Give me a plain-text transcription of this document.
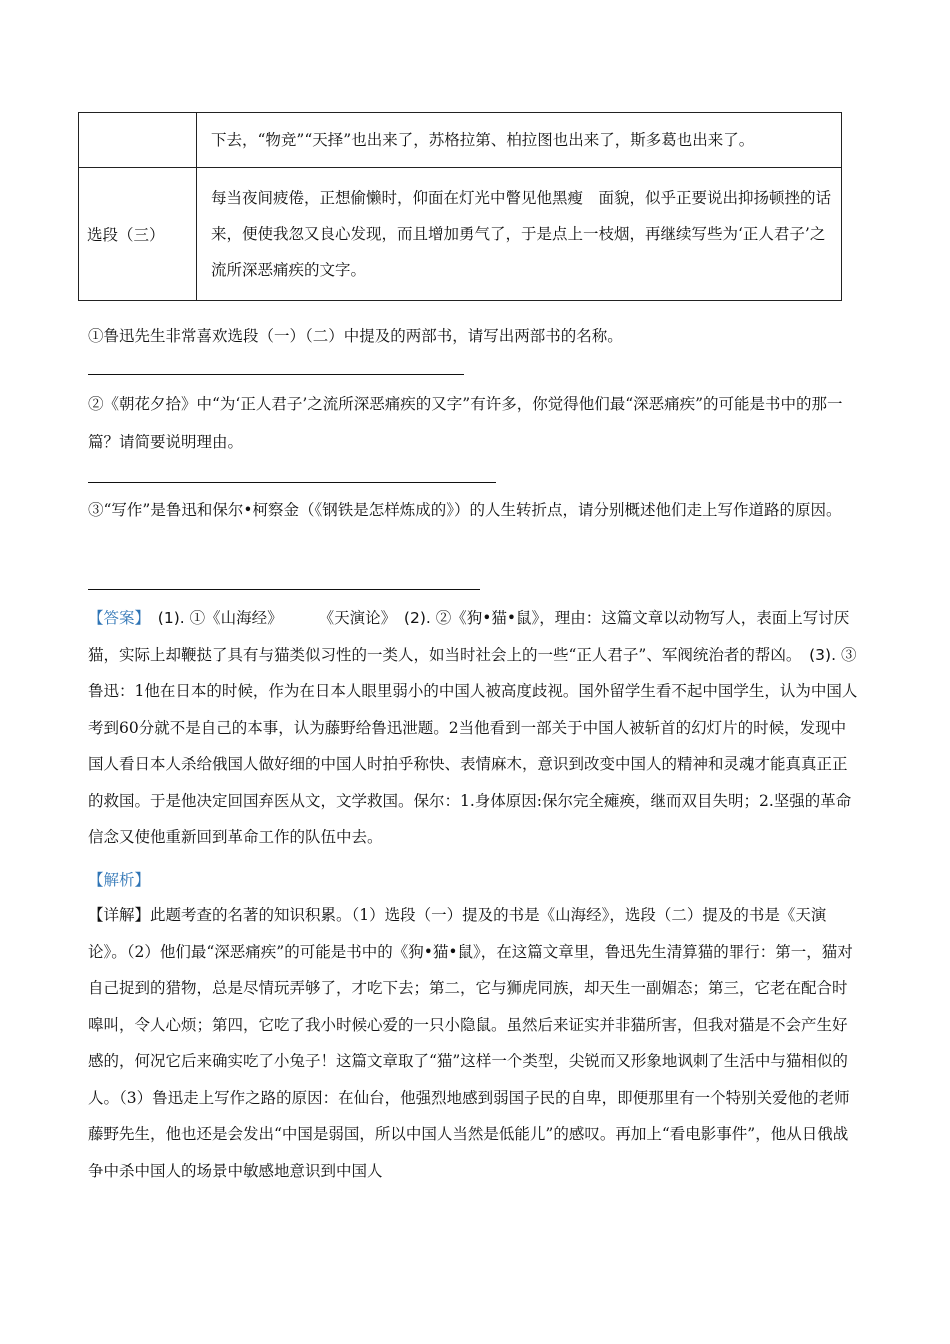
	下去，“物竞”“天择”也出来了，苏格拉第、柏拉图也出来了，斯多葛也出来了。
选段（三）	每当夜间疲倦，正想偷懒时，仰面在灯光中瞥见他黑瘦　面貌，似乎正要说出抑扬顿挫的话来，便使我忽又良心发现，而且增加勇气了，于是点上一枝烟，再继续写些为‘正人君子’之流所深恶痛疾的文字。

①鲁迅先生非常喜欢选段（一）（二）中提及的两部书，请写出两部书的名称。

②《朝花夕拾》中“为‘正人君子’之流所深恶痛疾的又字”有许多，你觉得他们最“深恶痛疾”的可能是书中的那一篇？请简要说明理由。

③“写作”是鲁迅和保尔•柯察金（《钢铁是怎样炼成的》）的人生转折点，请分别概述他们走上写作道路的原因。

【答案】　 (1). ①《山海经》 《天演论》　 (2). ②《狗•猫•鼠》，理由：这篇文章以动物写人，表面上写讨厌猫，实际上却鞭挞了具有与猫类似习性的一类人，如当时社会上的一些“正人君子”、军阀统治者的帮凶。　 (3). ③ 鲁迅：1他在日本的时候，作为在日本人眼里弱小的中国人被高度歧视。国外留学生看不起中国学生，认为中国人考到60分就不是自己的本事，认为藤野给鲁迅泄题。2当他看到一部关于中国人被斩首的幻灯片的时候，发现中国人看日本人杀给俄国人做好细的中国人时拍乎称快、表情麻木，意识到改变中国人的精神和灵魂才能真真正正的救国。于是他决定回国弃医从文，文学救国。保尔：1.身体原因:保尔完全瘫痪，继而双目失明；2.坚强的革命信念又使他重新回到革命工作的队伍中去。

【解析】

【详解】此题考查的名著的知识积累。（1）选段（一）提及的书是《山海经》，选段（二）提及的书是《天演论》。（2）他们最“深恶痛疾”的可能是书中的《狗•猫•鼠》，在这篇文章里，鲁迅先生清算猫的罪行：第一，猫对自己捉到的猎物，总是尽情玩弄够了，才吃下去；第二，它与狮虎同族，却天生一副媚态；第三，它老在配合时嗥叫，令人心烦；第四，它吃了我小时候心爱的一只小隐鼠。虽然后来证实并非猫所害，但我对猫是不会产生好感的，何况它后来确实吃了小兔子！这篇文章取了“猫”这样一个类型，尖锐而又形象地讽刺了生活中与猫相似的人。（3）鲁迅走上写作之路的原因：在仙台，他强烈地感到弱国子民的自卑，即便那里有一个特别关爱他的老师藤野先生，他也还是会发出“中国是弱国，所以中国人当然是低能儿”的感叹。再加上“看电影事件”，他从日俄战争中杀中国人的场景中敏感地意识到中国人
